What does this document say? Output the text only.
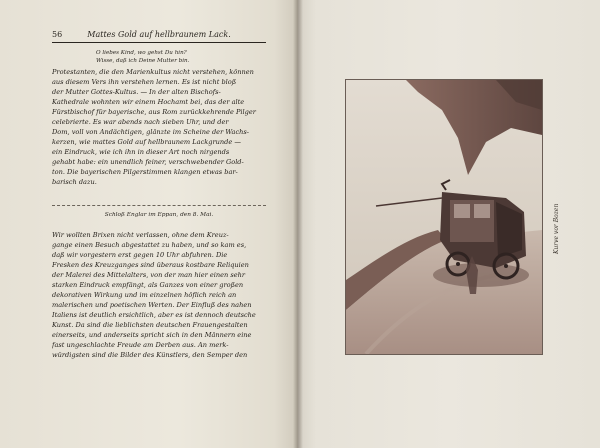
56	Mattes Gold auf hellbraunem Lack.
O liebes Kind, wo gehst Du hin?
Wisse, daß ich Deine Mutter bin.
Protestanten, die den Marienkultus nicht verstehen, können
aus diesem Vers ihn verstehen lernen. Es ist nicht bloß
der Mutter Gottes-Kultus. — In der alten Bischofs-
Kathedrale wohnten wir einem Hochamt bei, das der alte
Fürstbischof für bayerische, aus Rom zurückkehrende Pilger
celebrierte. Es war abends nach sieben Uhr, und der
Dom, voll von Andächtigen, glänzte im Scheine der Wachs-
kerzen, wie mattes Gold auf hellbraunem Lackgrunde —
ein Eindruck, wie ich ihn in dieser Art noch nirgends
gehabt habe: ein unendlich feiner, verschwebender Gold-
ton. Die bayerischen Pilgerstimmen klangen etwas bar-
barisch dazu.
Schloß Englar im Eppan, den 8. Mai.
Wir wollten Brixen nicht verlassen, ohne dem Kreuz-
gange einen Besuch abgestattet zu haben, und so kam es,
daß wir vorgestern erst gegen 10 Uhr abfuhren. Die
Fresken des Kreuzganges sind überaus kostbare Reliquien
der Malerei des Mittelalters, von der man hier einen sehr
starken Eindruck empfängt, als Ganzes von einer großen
dekorativen Wirkung und im einzelnen höflich reich an
malerischen und poetischen Werten. Der Einfluß des nahen
Italiens ist deutlich ersichtlich, aber es ist dennoch deutsche
Kunst. Da sind die lieblichsten deutschen Frauengestalten
einerseits, und anderseits spricht sich in den Männern eine
fast ungeschlachte Freude am Derben aus. An merk-
würdigsten sind die Bilder des Künstlers, den Semper den
Kurve vor Bozen
